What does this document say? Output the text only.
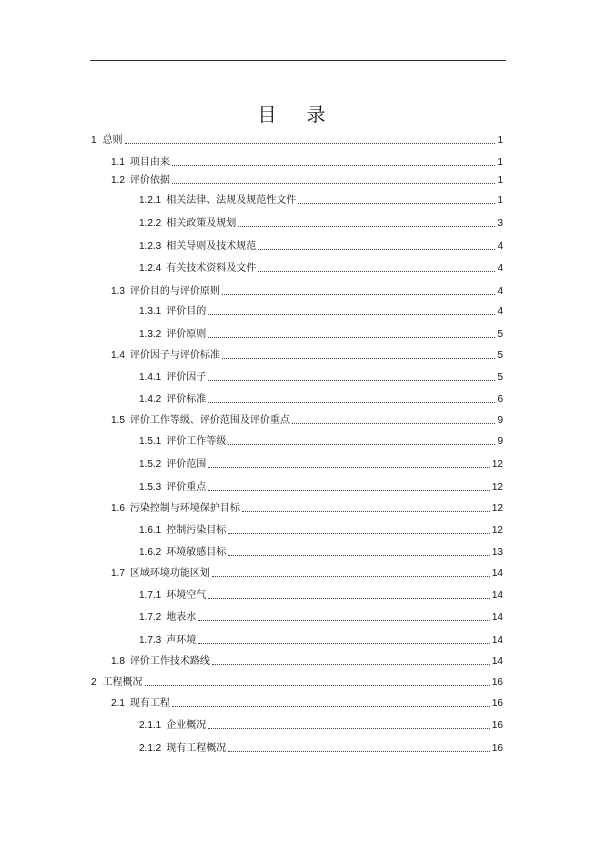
目 录
1 总则	1
1.1 项目由来	1
1.2 评价依据	1
1.2.1 相关法律、法规及规范性文件	1
1.2.2 相关政策及规划	3
1.2.3 相关导则及技术规范	4
1.2.4 有关技术资料及文件	4
1.3 评价目的与评价原则	4
1.3.1 评价目的	4
1.3.2 评价原则	5
1.4 评价因子与评价标准	5
1.4.1 评价因子	5
1.4.2 评价标准	6
1.5 评价工作等级、评价范围及评价重点	9
1.5.1 评价工作等级	9
1.5.2 评价范围	12
1.5.3 评价重点	12
1.6 污染控制与环境保护目标	12
1.6.1 控制污染目标	12
1.6.2 环境敏感目标	13
1.7 区域环境功能区划	14
1.7.1 环境空气	14
1.7.2 地表水	14
1.7.3 声环境	14
1.8 评价工作技术路线	14
2 工程概况	16
2.1 现有工程	16
2.1.1 企业概况	16
2.1.2 现有工程概况	16
